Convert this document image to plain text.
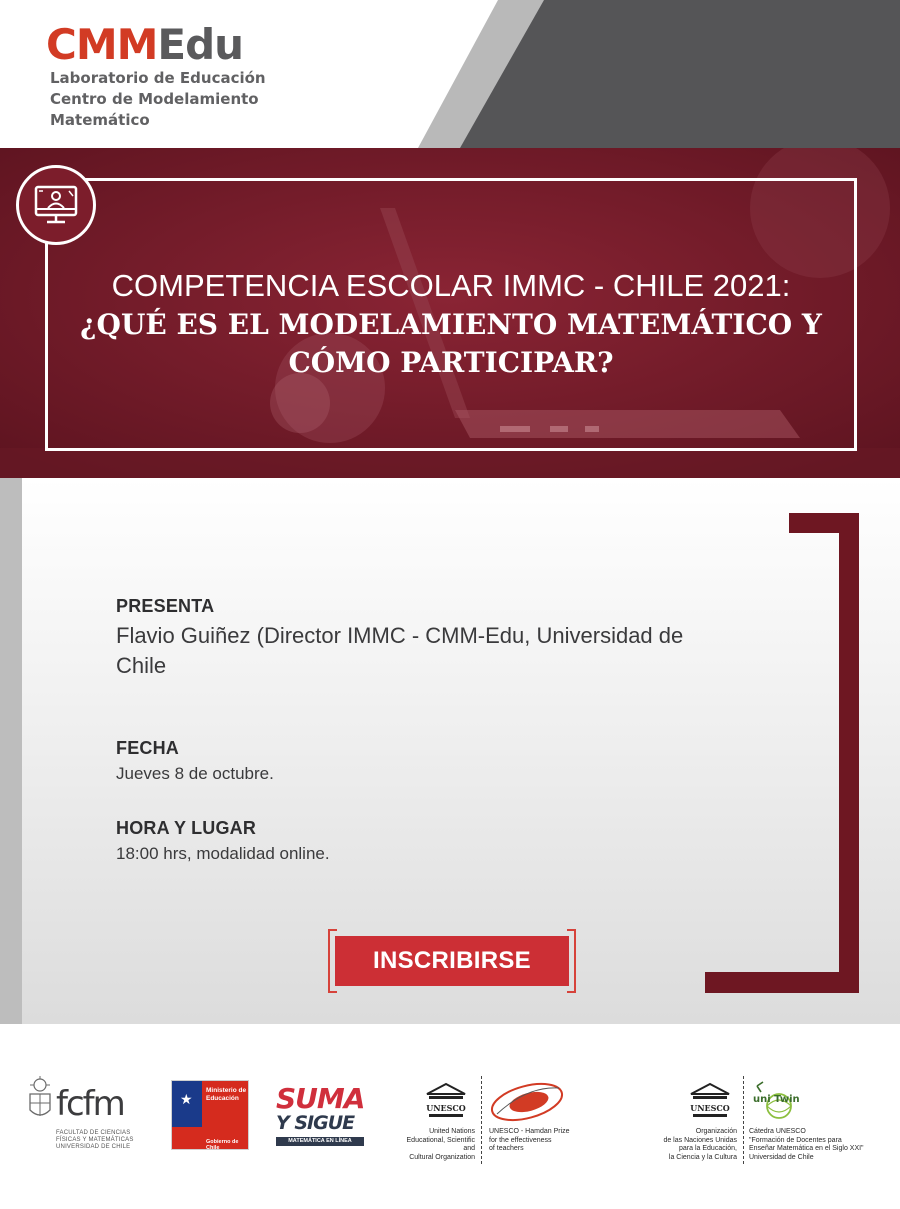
CMMEdu
Laboratorio de Educación
Centro de Modelamiento
Matemático
COMPETENCIA ESCOLAR IMMC - CHILE 2021:
¿QUÉ ES EL MODELAMIENTO MATEMÁTICO Y
CÓMO PARTICIPAR?
PRESENTA
Flavio Guiñez (Director IMMC - CMM-Edu, Universidad de
Chile
FECHA
Jueves 8 de octubre.
HORA Y LUGAR
18:00 hrs, modalidad online.
INSCRIBIRSE
fcfm
FACULTAD DE CIENCIAS
FÍSICAS Y MATEMÁTICAS
UNIVERSIDAD DE CHILE
★
Ministerio de
Educación
Gobierno de Chile
SUMA
Y SIGUE
MATEMÁTICA EN LÍNEA
UNESCO
United Nations
Educational, Scientific and
Cultural Organization
UNESCO - Hamdan Prize
for the effectiveness
of teachers
UNESCO
Organización
de las Naciones Unidas
para la Educación,
la Ciencia y la Cultura
uni Twin
Cátedra UNESCO
"Formación de Docentes para
Enseñar Matemática en el Siglo XXI"
Universidad de Chile
